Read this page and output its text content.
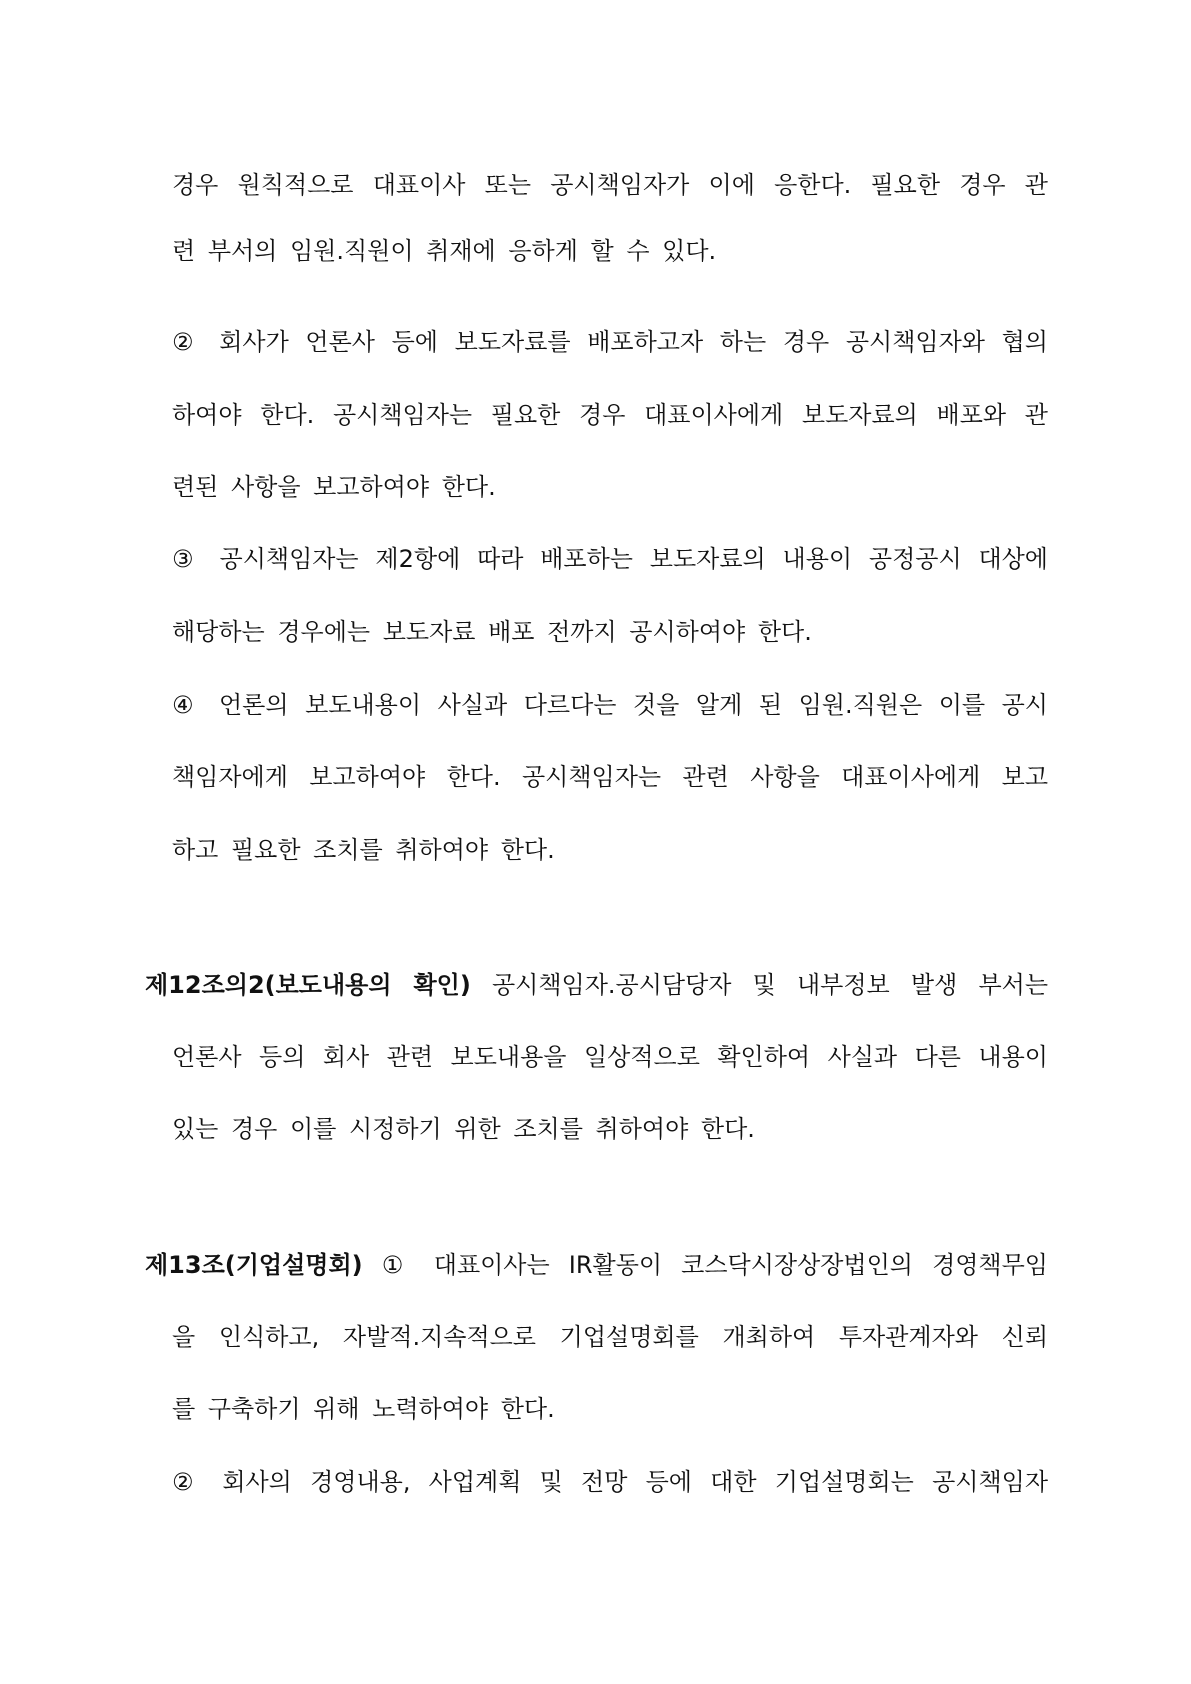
경우 원칙적으로 대표이사 또는 공시책임자가 이에 응한다. 필요한 경우 관
련 부서의 임원.직원이 취재에 응하게 할 수 있다.
② 회사가 언론사 등에 보도자료를 배포하고자 하는 경우 공시책임자와 협의
하여야 한다. 공시책임자는 필요한 경우 대표이사에게 보도자료의 배포와 관
련된 사항을 보고하여야 한다.
③ 공시책임자는 제2항에 따라 배포하는 보도자료의 내용이 공정공시 대상에
해당하는 경우에는 보도자료 배포 전까지 공시하여야 한다.
④ 언론의 보도내용이 사실과 다르다는 것을 알게 된 임원.직원은 이를 공시
책임자에게 보고하여야 한다. 공시책임자는 관련 사항을 대표이사에게 보고
하고 필요한 조치를 취하여야 한다.
제12조의2(보도내용의 확인) 공시책임자.공시담당자 및 내부정보 발생 부서는
언론사 등의 회사 관련 보도내용을 일상적으로 확인하여 사실과 다른 내용이
있는 경우 이를 시정하기 위한 조치를 취하여야 한다.
제13조(기업설명회) ① 대표이사는 IR활동이 코스닥시장상장법인의 경영책무임
을 인식하고, 자발적.지속적으로 기업설명회를 개최하여 투자관계자와 신뢰
를 구축하기 위해 노력하여야 한다.
② 회사의 경영내용, 사업계획 및 전망 등에 대한 기업설명회는 공시책임자
